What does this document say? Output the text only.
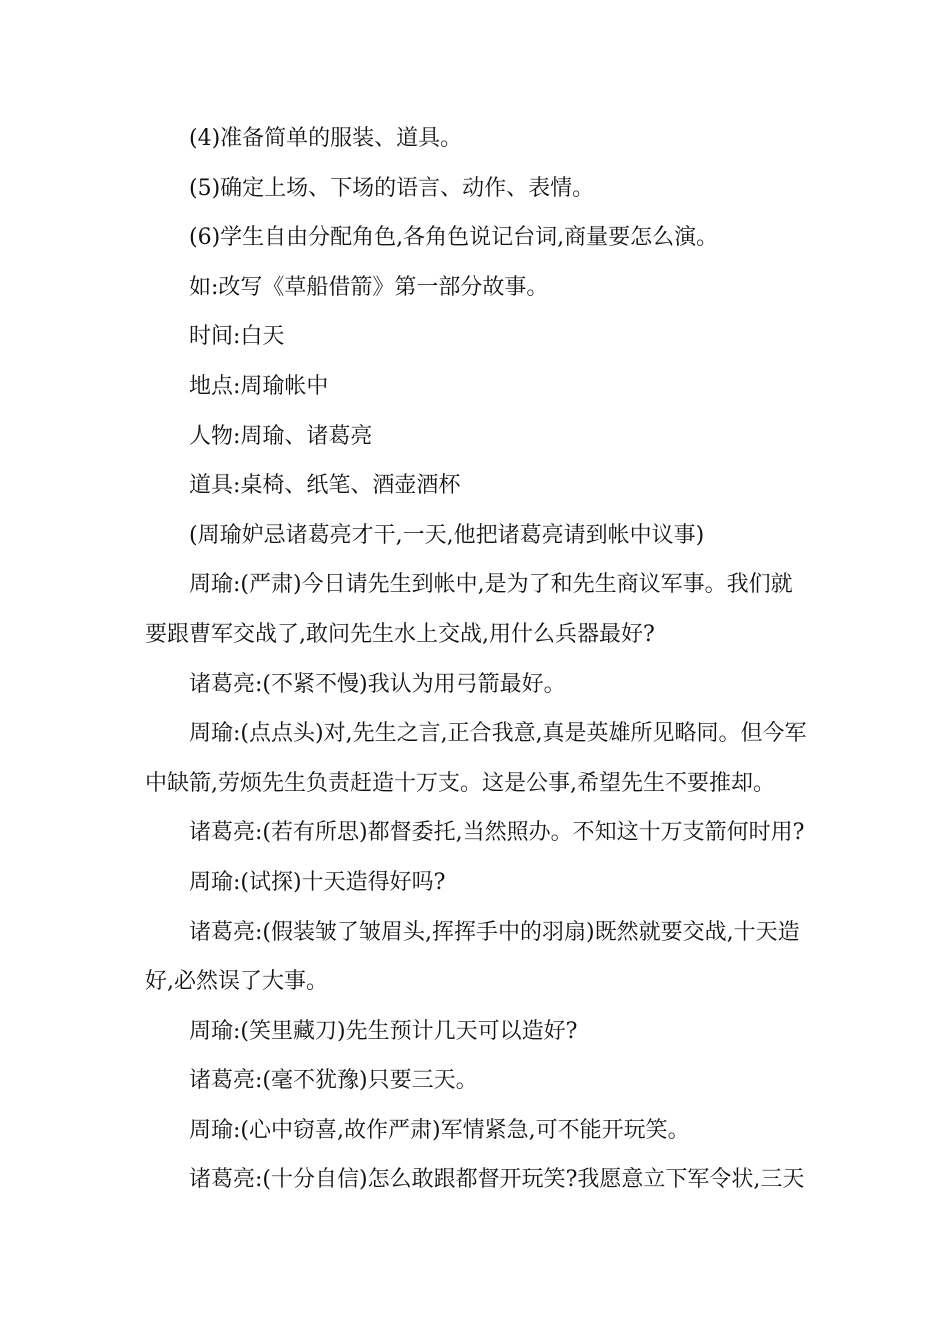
(4)准备简单的服装、道具。

(5)确定上场、下场的语言、动作、表情。

(6)学生自由分配角色,各角色说记台词,商量要怎么演。

如:改写《草船借箭》第一部分故事。

时间:白天

地点:周瑜帐中

人物:周瑜、诸葛亮

道具:桌椅、纸笔、酒壶酒杯

(周瑜妒忌诸葛亮才干,一天,他把诸葛亮请到帐中议事)

周瑜:(严肃)今日请先生到帐中,是为了和先生商议军事。我们就要跟曹军交战了,敢问先生水上交战,用什么兵器最好?

诸葛亮:(不紧不慢)我认为用弓箭最好。

周瑜:(点点头)对,先生之言,正合我意,真是英雄所见略同。但今军中缺箭,劳烦先生负责赶造十万支。这是公事,希望先生不要推却。

诸葛亮:(若有所思)都督委托,当然照办。不知这十万支箭何时用?

周瑜:(试探)十天造得好吗?

诸葛亮:(假装皱了皱眉头,挥挥手中的羽扇)既然就要交战,十天造好,必然误了大事。

周瑜:(笑里藏刀)先生预计几天可以造好?

诸葛亮:(毫不犹豫)只要三天。

周瑜:(心中窃喜,故作严肃)军情紧急,可不能开玩笑。

诸葛亮:(十分自信)怎么敢跟都督开玩笑?我愿意立下军令状,三天
